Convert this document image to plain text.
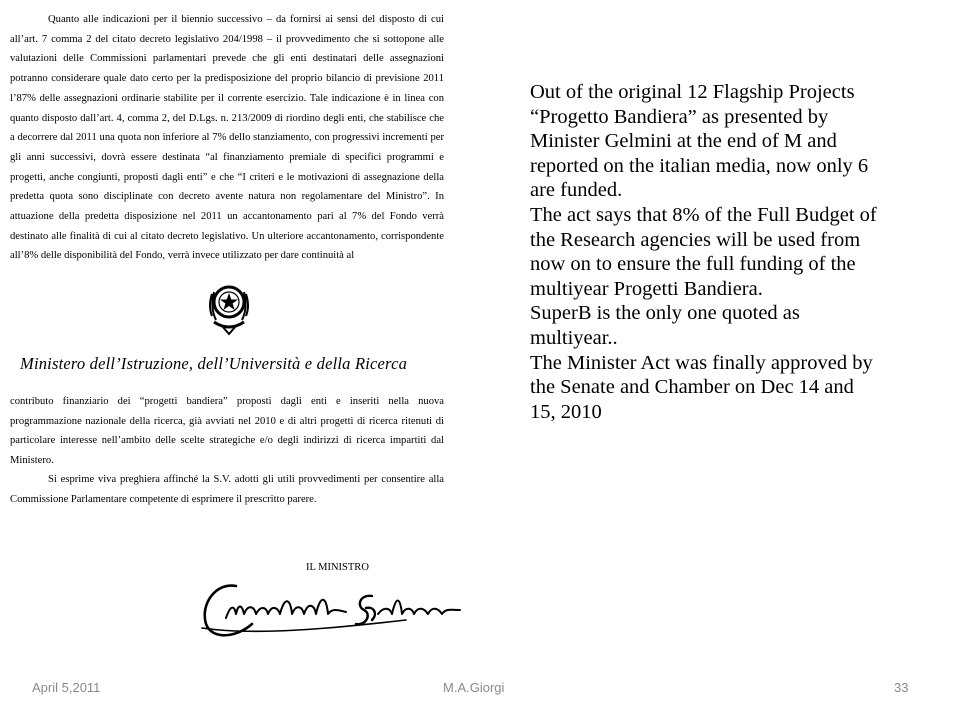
Quanto alle indicazioni per il biennio successivo – da fornirsi ai sensi del disposto di cui all’art. 7 comma 2 del citato decreto legislativo 204/1998 – il provvedimento che si sottopone alle valutazioni delle Commissioni parlamentari prevede che gli enti destinatari delle assegnazioni potranno considerare quale dato certo per la predisposizione del proprio bilancio di previsione 2011 l’87% delle assegnazioni ordinarie stabilite per il corrente esercizio. Tale indicazione è in linea con quanto disposto dall’art. 4, comma 2, del D.Lgs. n. 213/2009 di riordino degli enti, che stabilisce che a decorrere dal 2011 una quota non inferiore al 7% dello stanziamento, con progressivi incrementi per gli anni successivi, dovrà essere destinata “al finanziamento premiale di specifici programmi e progetti, anche congiunti, proposti dagli enti” e che “I criteri e le motivazioni di assegnazione della predetta quota sono disciplinate con decreto avente natura non regolamentare del Ministro”. In attuazione della predetta disposizione nel 2011 un accantonamento pari al 7% del Fondo verrà destinato alle finalità di cui al citato decreto legislativo. Un ulteriore accantonamento, corrispondente all’8% delle disponibilità del Fondo, verrà invece utilizzato per dare continuità al

Ministero dell’Istruzione, dell’Università e della Ricerca

contributo finanziario dei “progetti bandiera” proposti dagli enti e inseriti nella nuova programmazione nazionale della ricerca, già avviati nel 2010 e di altri progetti di ricerca ritenuti di particolare interesse nell’ambito delle scelte strategiche e/o degli indirizzi di ricerca impartiti dal Ministero.

Si esprime viva preghiera affinché la S.V. adotti gli utili provvedimenti per consentire alla Commissione Parlamentare competente di esprimere il prescritto parere.

IL MINISTRO

Out of the original 12 Flagship Projects “Progetto Bandiera” as presented by Minister Gelmini at the end of M and reported on the italian media, now only 6 are funded.

The act says that 8% of the Full Budget of the Research agencies will be used from now on to ensure the full funding of the multiyear Progetti Bandiera.

SuperB is the only one quoted as multiyear..

The Minister Act was finally approved by the Senate and Chamber on Dec 14 and 15, 2010

April 5,2011	M.A.Giorgi	33
